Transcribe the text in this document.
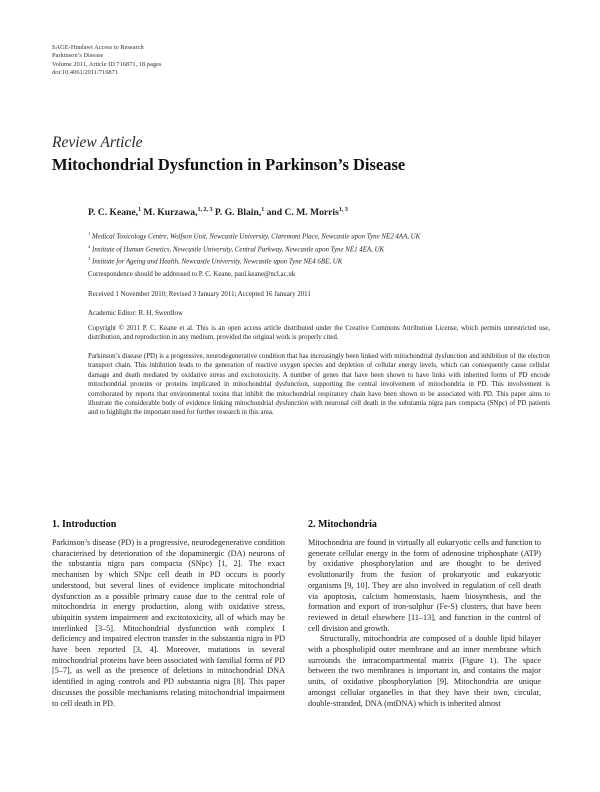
SAGE-Hindawi Access to Research
Parkinson’s Disease
Volume 2011, Article ID 716871, 18 pages
doi:10.4061/2011/716871
Review Article
Mitochondrial Dysfunction in Parkinson’s Disease
P. C. Keane,$^1$ M. Kurzawa,$^{1, 2, 3}$ P. G. Blain,$^1$ and C. M. Morris$^{1, 3}$
$^1$ Medical Toxicology Centre, Wolfson Unit, Newcastle University, Claremont Place, Newcastle upon Tyne NE2 4AA, UK
$^2$ Institute of Human Genetics, Newcastle University, Central Parkway, Newcastle upon Tyne NE1 4EA, UK
$^3$ Institute for Ageing and Health, Newcastle University, Newcastle upon Tyne NE4 6BE, UK
Correspondence should be addressed to P. C. Keane, paul.keane@ncl.ac.uk
Received 1 November 2010; Revised 3 January 2011; Accepted 16 January 2011
Academic Editor: R. H. Swerdlow

Copyright © 2011 P. C. Keane et al. This is an open access article distributed under the Creative Commons Attribution License, which permits unrestricted use, distribution, and reproduction in any medium, provided the original work is properly cited.

Parkinson’s disease (PD) is a progressive, neurodegenerative condition that has increasingly been linked with mitochondrial dysfunction and inhibition of the electron transport chain. This inhibition leads to the generation of reactive oxygen species and depletion of cellular energy levels, which can consequently cause cellular damage and death mediated by oxidative stress and excitotoxicity. A number of genes that have been shown to have links with inherited forms of PD encode mitochondrial proteins or proteins implicated in mitochondrial dysfunction, supporting the central involvement of mitochondria in PD. This involvement is corroborated by reports that environmental toxins that inhibit the mitochondrial respiratory chain have been shown to be associated with PD. This paper aims to illustrate the considerable body of evidence linking mitochondrial dysfunction with neuronal cell death in the substantia nigra pars compacta (SNpc) of PD patients and to highlight the important need for further research in this area.

1. Introduction	2. Mitochondria

Parkinson’s disease (PD) is a progressive, neurodegenerative condition characterised by deterioration of the dopaminergic (DA) neurons of the substantia nigra pars compacta (SNpc) [1, 2]. The exact mechanism by which SNpc cell death in PD occurs is poorly understood, but several lines of evidence implicate mitochondrial dysfunction as a possible primary cause due to the central role of mitochondria in energy production, along with oxidative stress, ubiquitin system impairment and excitotoxicity, all of which may be interlinked [3–5]. Mitochondrial dysfunction with complex I deficiency and impaired electron transfer in the substantia nigra in PD have been reported [3, 4]. Moreover, mutations in several mitochondrial proteins have been associated with familial forms of PD [5–7], as well as the presence of deletions in mitochondrial DNA identified in aging controls and PD substantia nigra [8]. This paper discusses the possible mechanisms relating mitochondrial impairment to cell death in PD.

Mitochondria are found in virtually all eukaryotic cells and function to generate cellular energy in the form of adenosine triphosphate (ATP) by oxidative phosphorylation and are thought to be derived evolutionarily from the fusion of prokaryotic and eukaryotic organisms [9, 10]. They are also involved in regulation of cell death via apoptosis, calcium homeostasis, haem biosynthesis, and the formation and export of iron-sulphur (Fe-S) clusters, that have been reviewed in detail elsewhere [11–13], and function in the control of cell division and growth.

Structurally, mitochondria are composed of a double lipid bilayer with a phospholipid outer membrane and an inner membrane which surrounds the intracompartmental matrix (Figure 1). The space between the two membranes is important in, and contains the major units, of oxidative phosphorylation [9]. Mitochondria are unique amongst cellular organelles in that they have their own, circular, double-stranded, DNA (mtDNA) which is inherited almost
